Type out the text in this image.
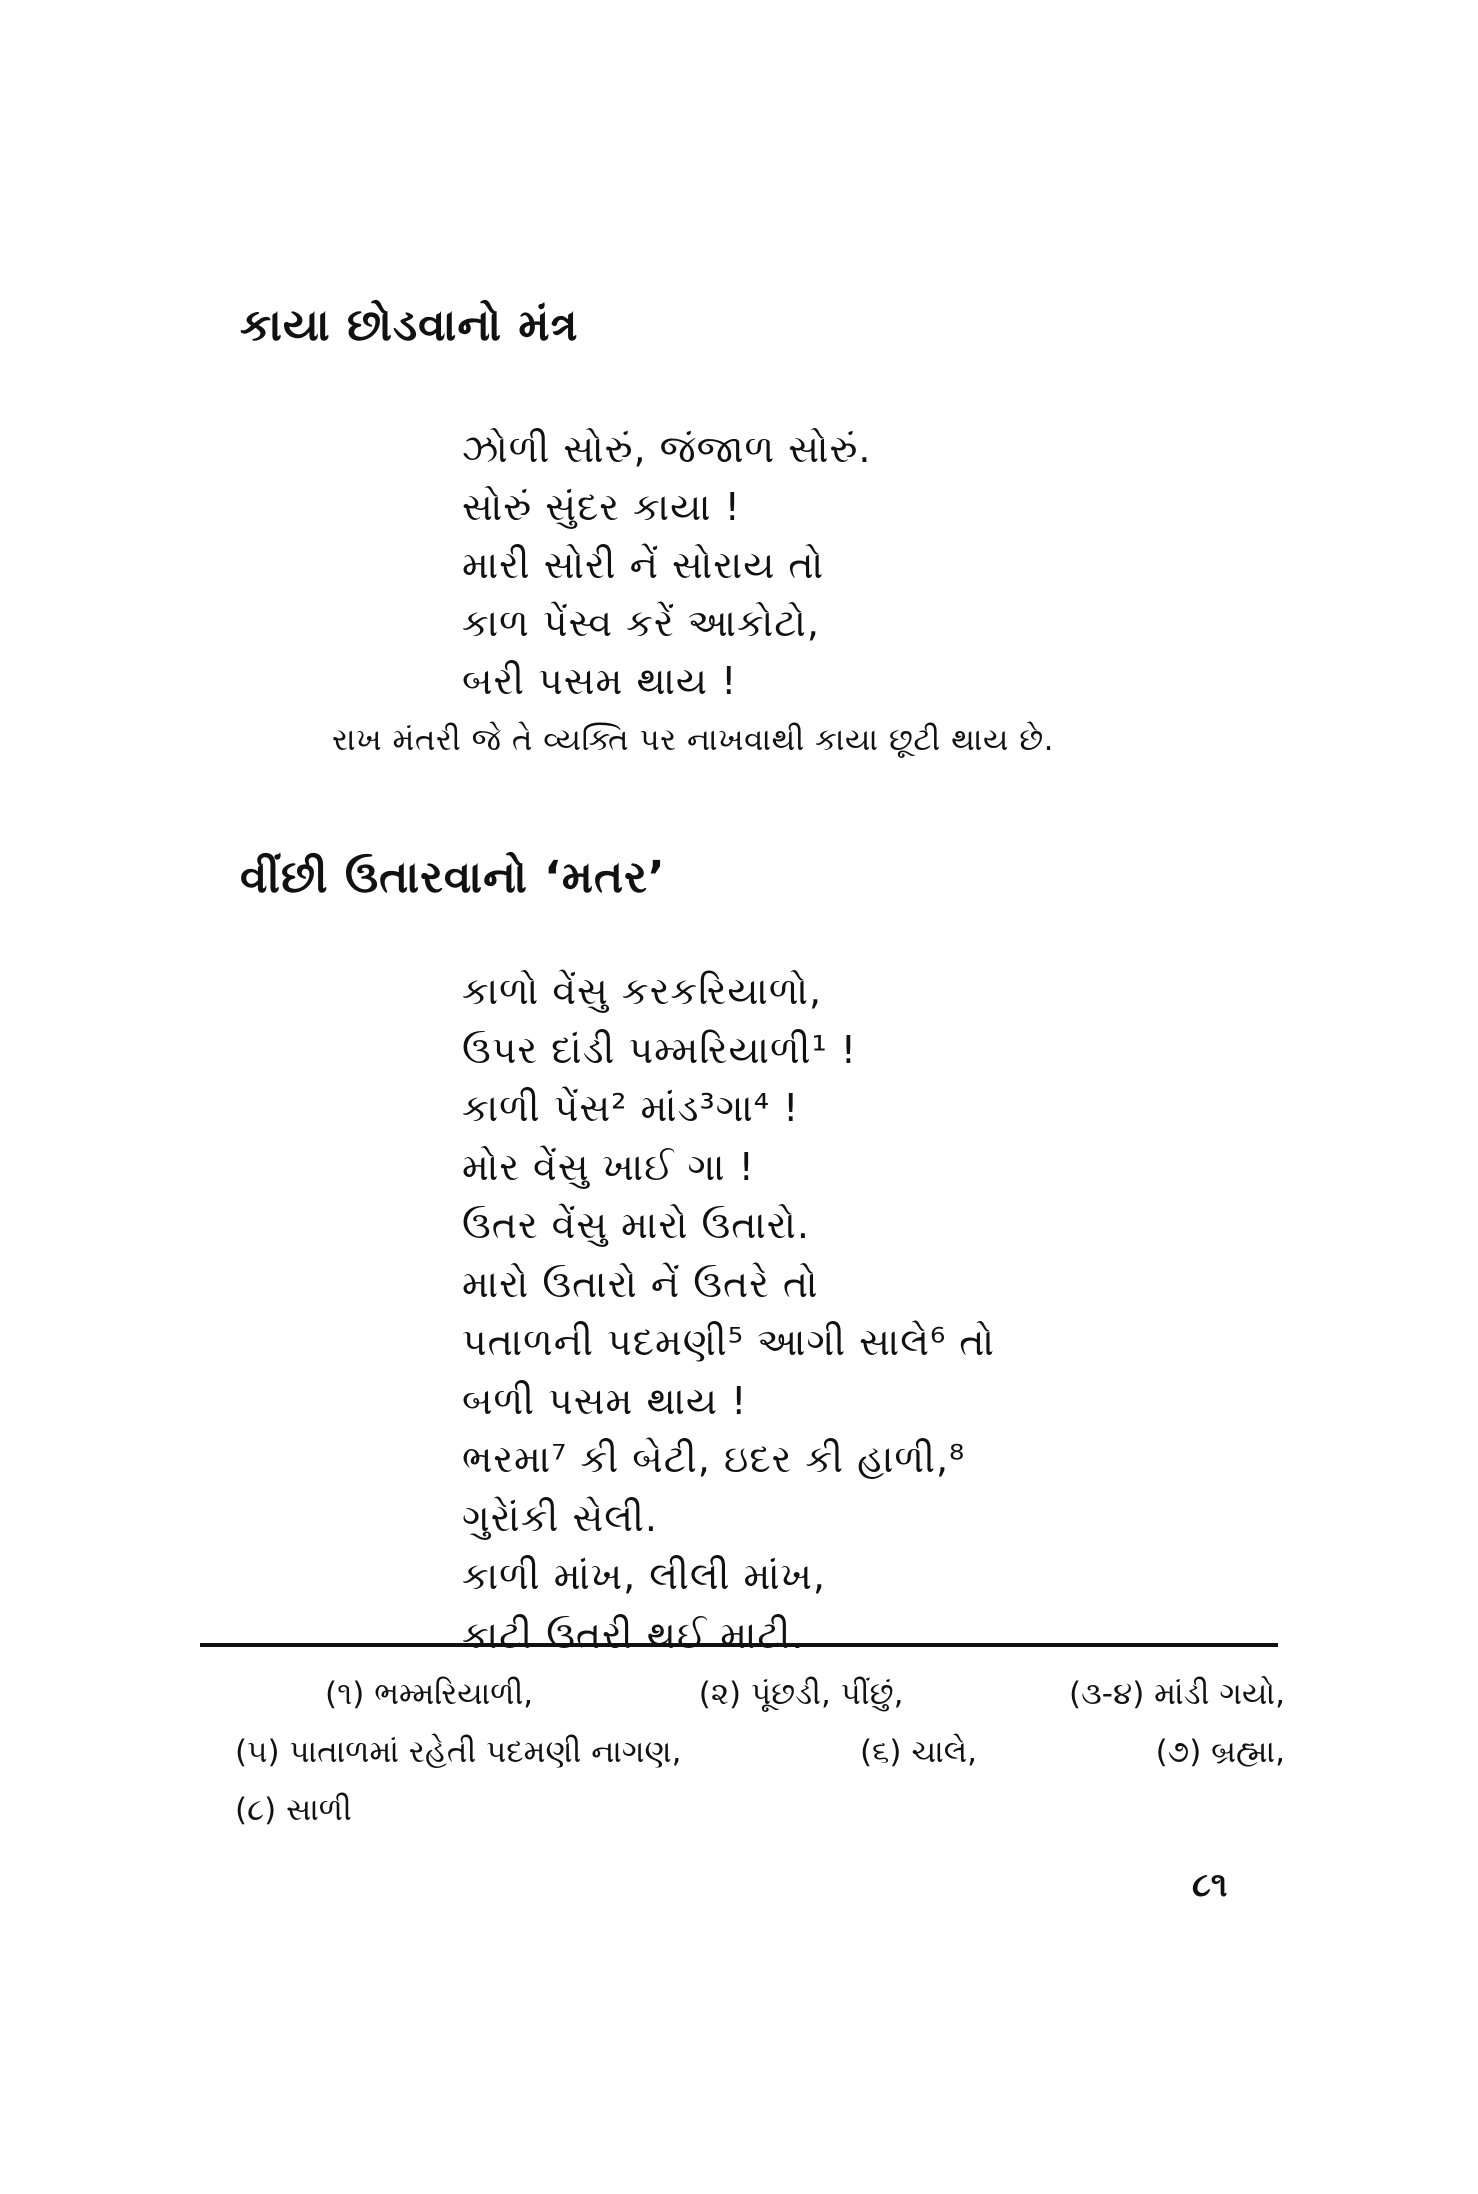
કાયા છોડવાનો મંત્ર
ઝોળી સોરું, જંજાળ સોરું.
સોરું સુંદર કાયા !
મારી સોરી નેં સોરાય તો
કાળ પેંસ્વ કરેં આકોટો,
બરી પસમ થાય !
રાખ મંતરી જે તે વ્યક્તિ પર નાખવાથી કાયા છૂટી થાય છે.
વીંછી ઉતારવાનો ‘મતર’
કાળો વેંસુ કરકરિયાળો,
ઉપર દાંડી પમ્મરિયાળી¹ !
કાળી પેંસ² માંડ³ગા⁴ !
મોર વેંસુ ખાઈ ગા !
ઉતર વેંસુ મારો ઉતારો.
મારો ઉતારો નેં ઉતરે તો
પતાળની પદમણી⁵ આગી સાલે⁶ તો
બળી પસમ થાય !
ભરમા⁷ કી બેટી, ઇદર કી હાળી,⁸
ગુરેાંકી સેલી.
કાળી માંખ, લીલી માંખ,
કાટી ઉતરી થઈ માટી.
(૧) ભમ્મરિયાળી,	(૨) પૂંછડી, પીંછું,	(૩-૪) માંડી ગયો,
(૫) પાતાળમાં રહેતી પદમણી નાગણ,	(૬) ચાલે,	(૭) બ્રહ્મા,
(૮) સાળી
૮૧
